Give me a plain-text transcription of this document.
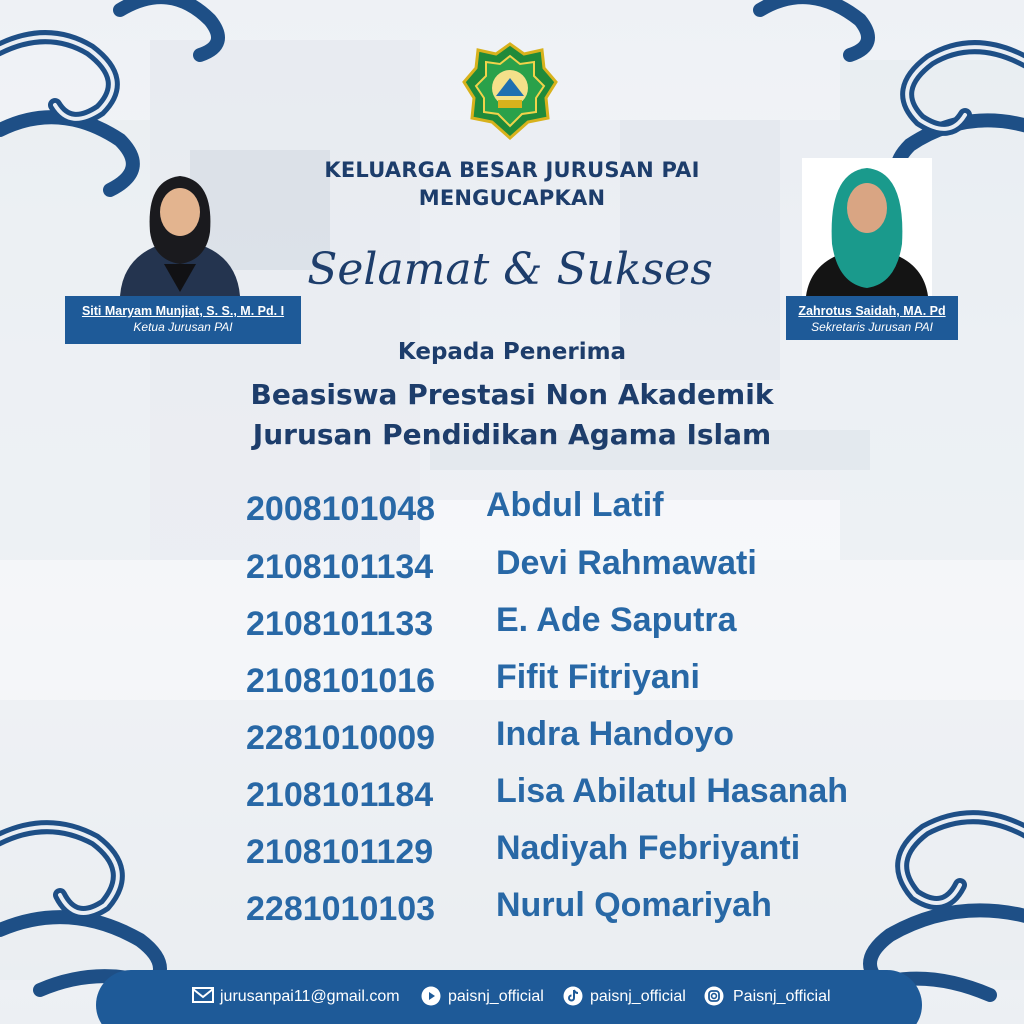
KELUARGA BESAR JURUSAN PAI
MENGUCAPKAN
Selamat & Sukses
Siti Maryam Munjiat, S. S., M. Pd. I
Ketua Jurusan PAI
Zahrotus Saidah, MA. Pd
Sekretaris Jurusan PAI
Kepada Penerima
Beasiswa Prestasi Non Akademik
Jurusan Pendidikan Agama Islam
2008101048 Abdul Latif
2108101134 Devi Rahmawati
2108101133 E. Ade Saputra
2108101016 Fifit Fitriyani
2281010009 Indra Handoyo
2108101184 Lisa Abilatul Hasanah
2108101129 Nadiyah Febriyanti
2281010103 Nurul Qomariyah
jurusanpai11@gmail.com	paisnj_official	paisnj_official	Paisnj_official
